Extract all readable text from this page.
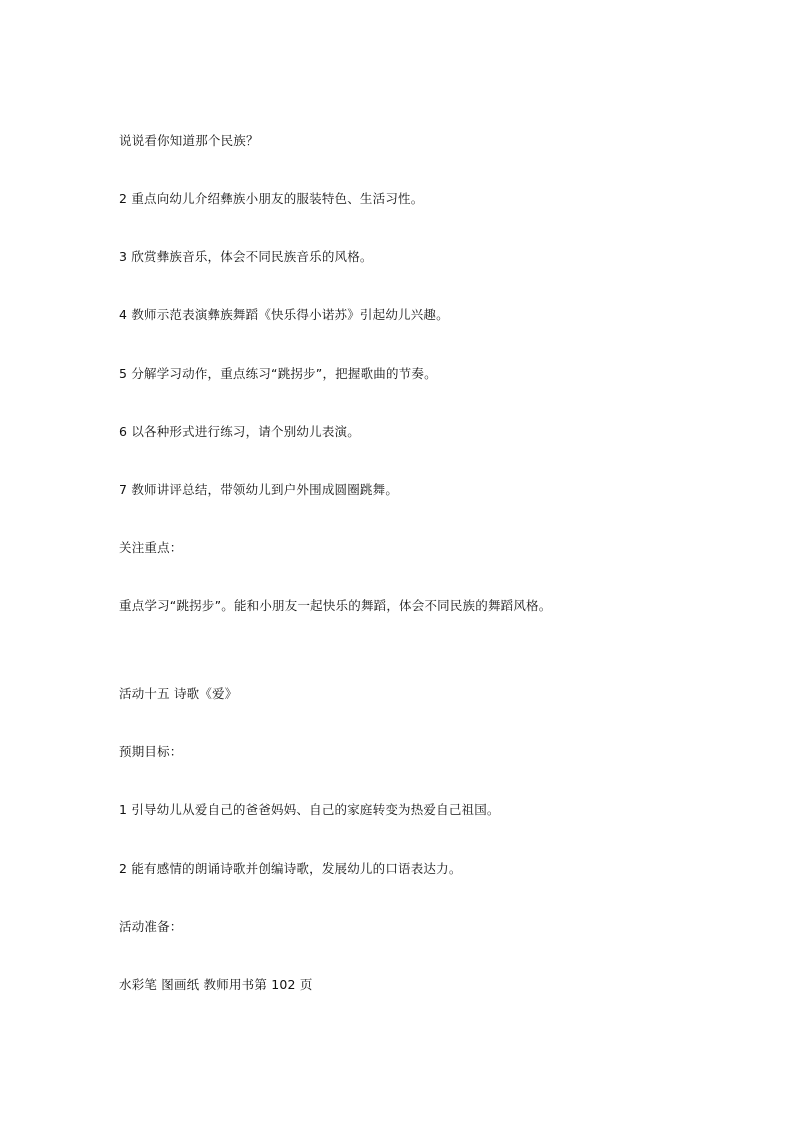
说说看你知道那个民族？
2 重点向幼儿介绍彝族小朋友的服装特色、生活习性。
3 欣赏彝族音乐，体会不同民族音乐的风格。
4 教师示范表演彝族舞蹈《快乐得小诺苏》引起幼儿兴趣。
5 分解学习动作，重点练习“跳拐步”，把握歌曲的节奏。
6 以各种形式进行练习，请个别幼儿表演。
7 教师讲评总结，带领幼儿到户外围成圆圈跳舞。
关注重点：
重点学习“跳拐步”。能和小朋友一起快乐的舞蹈，体会不同民族的舞蹈风格。
活动十五 诗歌《爱》
预期目标：
1 引导幼儿从爱自己的爸爸妈妈、自己的家庭转变为热爱自己祖国。
2 能有感情的朗诵诗歌并创编诗歌，发展幼儿的口语表达力。
活动准备：
水彩笔 图画纸 教师用书第 102 页
